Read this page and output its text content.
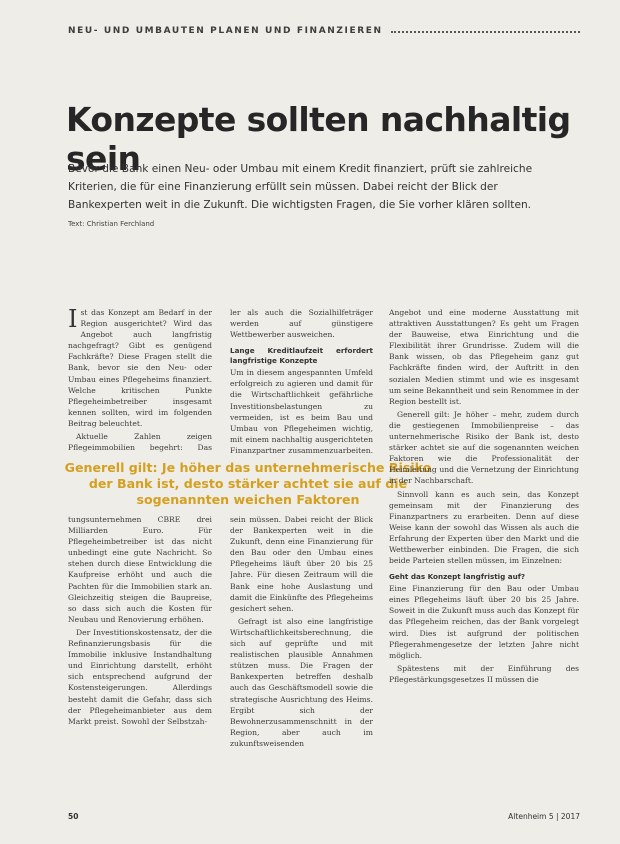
NEU- UND UMBAUTEN PLANEN UND FINANZIEREN
Konzepte sollten nachhaltig sein
Bevor die Bank einen Neu- oder Umbau mit einem Kredit finanziert, prüft sie zahlreiche Kriterien, die für eine Finanzierung erfüllt sein müssen. Dabei reicht der Blick der Bankexperten weit in die Zukunft. Die wichtigsten Fragen, die Sie vorher klären sollten.
Text: Christian Ferchland

Ist das Konzept am Bedarf in der Region ausgerichtet? Wird das Angebot auch langfristig nachgefragt? Gibt es genügend Fachkräfte? Diese Fragen stellt die Bank, bevor sie den Neu- oder Umbau eines Pflegeheims finanziert. Welche kritischen Punkte Pflegeheimbetreiber insgesamt kennen sollten, wird im folgenden Beitrag beleuchtet.

Aktuelle Zahlen zeigen Pflegeimmobilien begehrt: Das

ler als auch die Sozialhilfeträger werden auf günstigere Wettbewerber ausweichen.

Lange Kreditlaufzeit erfordert langfristige Konzepte

Um in diesem angespannten Umfeld erfolgreich zu agieren und damit für die Wirtschaftlichkeit gefährliche Investitionsbelastungen zu vermeiden, ist es beim Bau und Umbau von Pflegeheimen wichtig, mit einem nachhaltig ausgerichteten Finanzpartner zusammenzuarbeiten.

Generell gilt: Je höher das unternehmerische Risiko der Bank ist, desto stärker achtet sie auf die sogenannten weichen Faktoren

tungsunternehmen CBRE drei Milliarden Euro. Für Pflegeheimbetreiber ist das nicht unbedingt eine gute Nachricht. So stehen durch diese Entwicklung die Kaufpreise erhöht und auch die Pachten für die Immobilien stark an. Gleichzeitig steigen die Baupreise, so dass sich auch die Kosten für Neubau und Renovierung erhöhen.

Der Investitionskostensatz, der die Refinanzierungsbasis für die Immobilie inklusive Instandhaltung und Einrichtung darstellt, erhöht sich entsprechend aufgrund der Kostensteigerungen. Allerdings besteht damit die Gefahr, dass sich der Pflegeheimanbieter aus dem Markt preist. Sowohl der Selbstzah-

sein müssen. Dabei reicht der Blick der Bankexperten weit in die Zukunft, denn eine Finanzierung für den Bau oder den Umbau eines Pflegeheims läuft über 20 bis 25 Jahre. Für diesen Zeitraum will die Bank eine hohe Auslastung und damit die Einkünfte des Pflegeheims gesichert sehen.

Gefragt ist also eine langfristige Wirtschaftlichkeitsberechnung, die sich auf geprüfte und mit realistischen plausible Annahmen stützen muss. Die Fragen der Bankexperten betreffen deshalb auch das Geschäftsmodell sowie die strategische Ausrichtung des Heims. Ergibt sich der Bewohnerzusammenschnitt in der Region, aber auch im zukunftsweisenden

Angebot und eine moderne Ausstattung mit attraktiven Ausstattungen? Es geht um Fragen der Bauweise, etwa Einrichtung und die Flexibilität ihrer Grundrisse. Zudem will die Bank wissen, ob das Pflegeheim ganz gut Fachkräfte finden wird, der Auftritt in den sozialen Medien stimmt und wie es insgesamt um seine Bekanntheit und sein Renommee in der Region bestellt ist.

Generell gilt: Je höher – mehr, zudem durch die gestiegenen Immobilienpreise – das unternehmerische Risiko der Bank ist, desto stärker achtet sie auf die sogenannten weichen Faktoren wie die Professionalität der Heimleitung und die Vernetzung der Einrichtung in der Nachbarschaft.

Sinnvoll kann es auch sein, das Konzept gemeinsam mit der Finanzierung des Finanzpartners zu erarbeiten. Denn auf diese Weise kann der sowohl das Wissen als auch die Erfahrung der Experten über den Markt und die Wettbewerber einbinden. Die Fragen, die sich beide Parteien stellen müssen, im Einzelnen:

Geht das Konzept langfristig auf?

Eine Finanzierung für den Bau oder Umbau eines Pflegeheims läuft über 20 bis 25 Jahre. Soweit in die Zukunft muss auch das Konzept für das Pflegeheim reichen, das der Bank vorgelegt wird. Dies ist aufgrund der politischen Pflegerahmengesetze der letzten Jahre nicht möglich.

Spätestens mit der Einführung des Pflegestärkungsgesetzes II müssen die

50	Altenheim 5 | 2017
